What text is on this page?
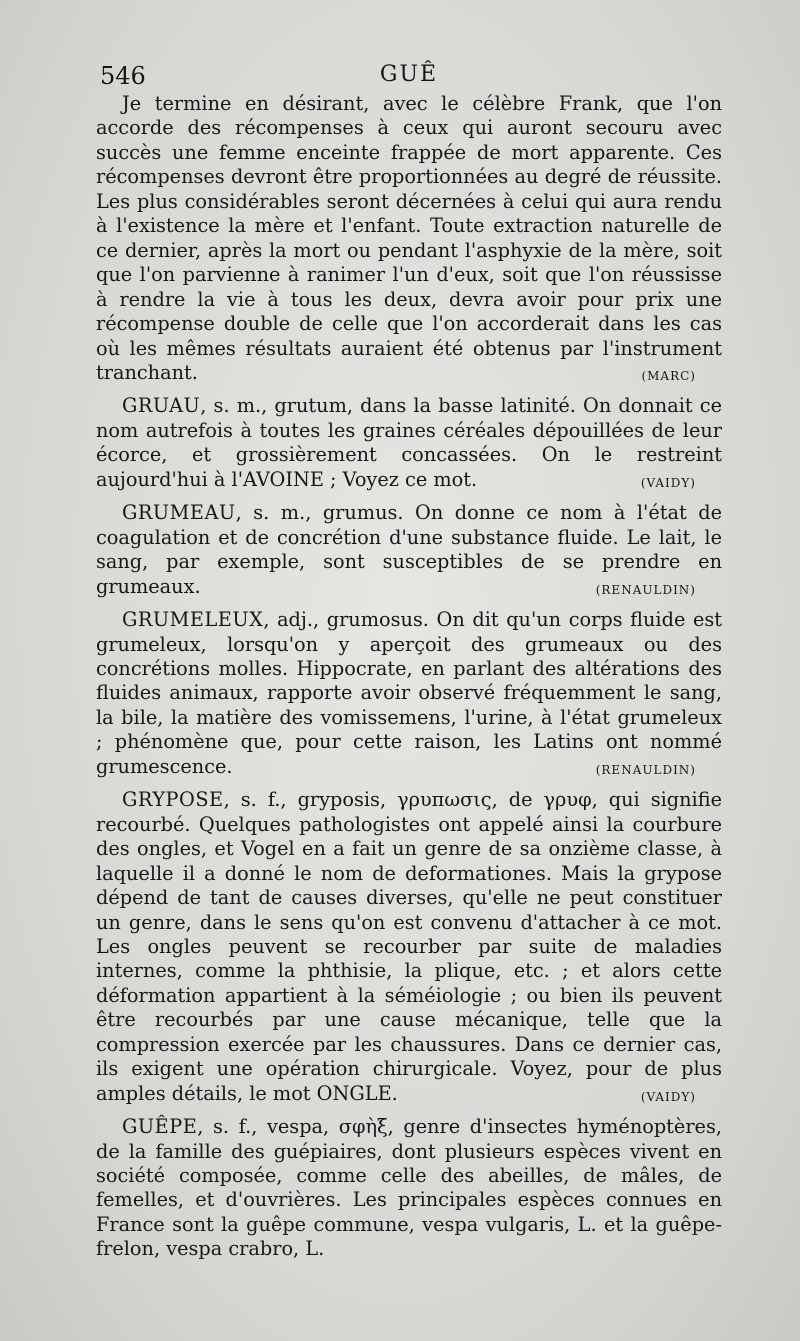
546	GUÊ

Je termine en désirant, avec le célèbre Frank, que l'on accorde des récompenses à ceux qui auront secouru avec succès une femme enceinte frappée de mort apparente. Ces récompenses devront être proportionnées au degré de réussite. Les plus considérables seront décernées à celui qui aura rendu à l'existence la mère et l'enfant. Toute extraction naturelle de ce dernier, après la mort ou pendant l'asphyxie de la mère, soit que l'on parvienne à ranimer l'un d'eux, soit que l'on réussisse à rendre la vie à tous les deux, devra avoir pour prix une récompense double de celle que l'on accorderait dans les cas où les mêmes résultats auraient été obtenus par l'instrument tranchant.	(MARC)

GRUAU, s. m., grutum, dans la basse latinité. On donnait ce nom autrefois à toutes les graines céréales dépouillées de leur écorce, et grossièrement concassées. On le restreint aujourd'hui à l'AVOINE ; Voyez ce mot.	(VAIDY)

GRUMEAU, s. m., grumus. On donne ce nom à l'état de coagulation et de concrétion d'une substance fluide. Le lait, le sang, par exemple, sont susceptibles de se prendre en grumeaux.	(RENAULDIN)

GRUMELEUX, adj., grumosus. On dit qu'un corps fluide est grumeleux, lorsqu'on y aperçoit des grumeaux ou des concrétions molles. Hippocrate, en parlant des altérations des fluides animaux, rapporte avoir observé fréquemment le sang, la bile, la matière des vomissemens, l'urine, à l'état grumeleux ; phénomène que, pour cette raison, les Latins ont nommé grumescence.	(RENAULDIN)

GRYPOSE, s. f., gryposis, γρυπωσις, de γρυφ, qui signifie recourbé. Quelques pathologistes ont appelé ainsi la courbure des ongles, et Vogel en a fait un genre de sa onzième classe, à laquelle il a donné le nom de deformationes. Mais la grypose dépend de tant de causes diverses, qu'elle ne peut constituer un genre, dans le sens qu'on est convenu d'attacher à ce mot. Les ongles peuvent se recourber par suite de maladies internes, comme la phthisie, la plique, etc. ; et alors cette déformation appartient à la séméiologie ; ou bien ils peuvent être recourbés par une cause mécanique, telle que la compression exercée par les chaussures. Dans ce dernier cas, ils exigent une opération chirurgicale. Voyez, pour de plus amples détails, le mot ONGLE.	(VAIDY)

GUÊPE, s. f., vespa, σφὴξ, genre d'insectes hyménoptères, de la famille des guépiaires, dont plusieurs espèces vivent en société composée, comme celle des abeilles, de mâles, de femelles, et d'ouvrières. Les principales espèces connues en France sont la guêpe commune, vespa vulgaris, L. et la guêpe-frelon, vespa crabro, L.
